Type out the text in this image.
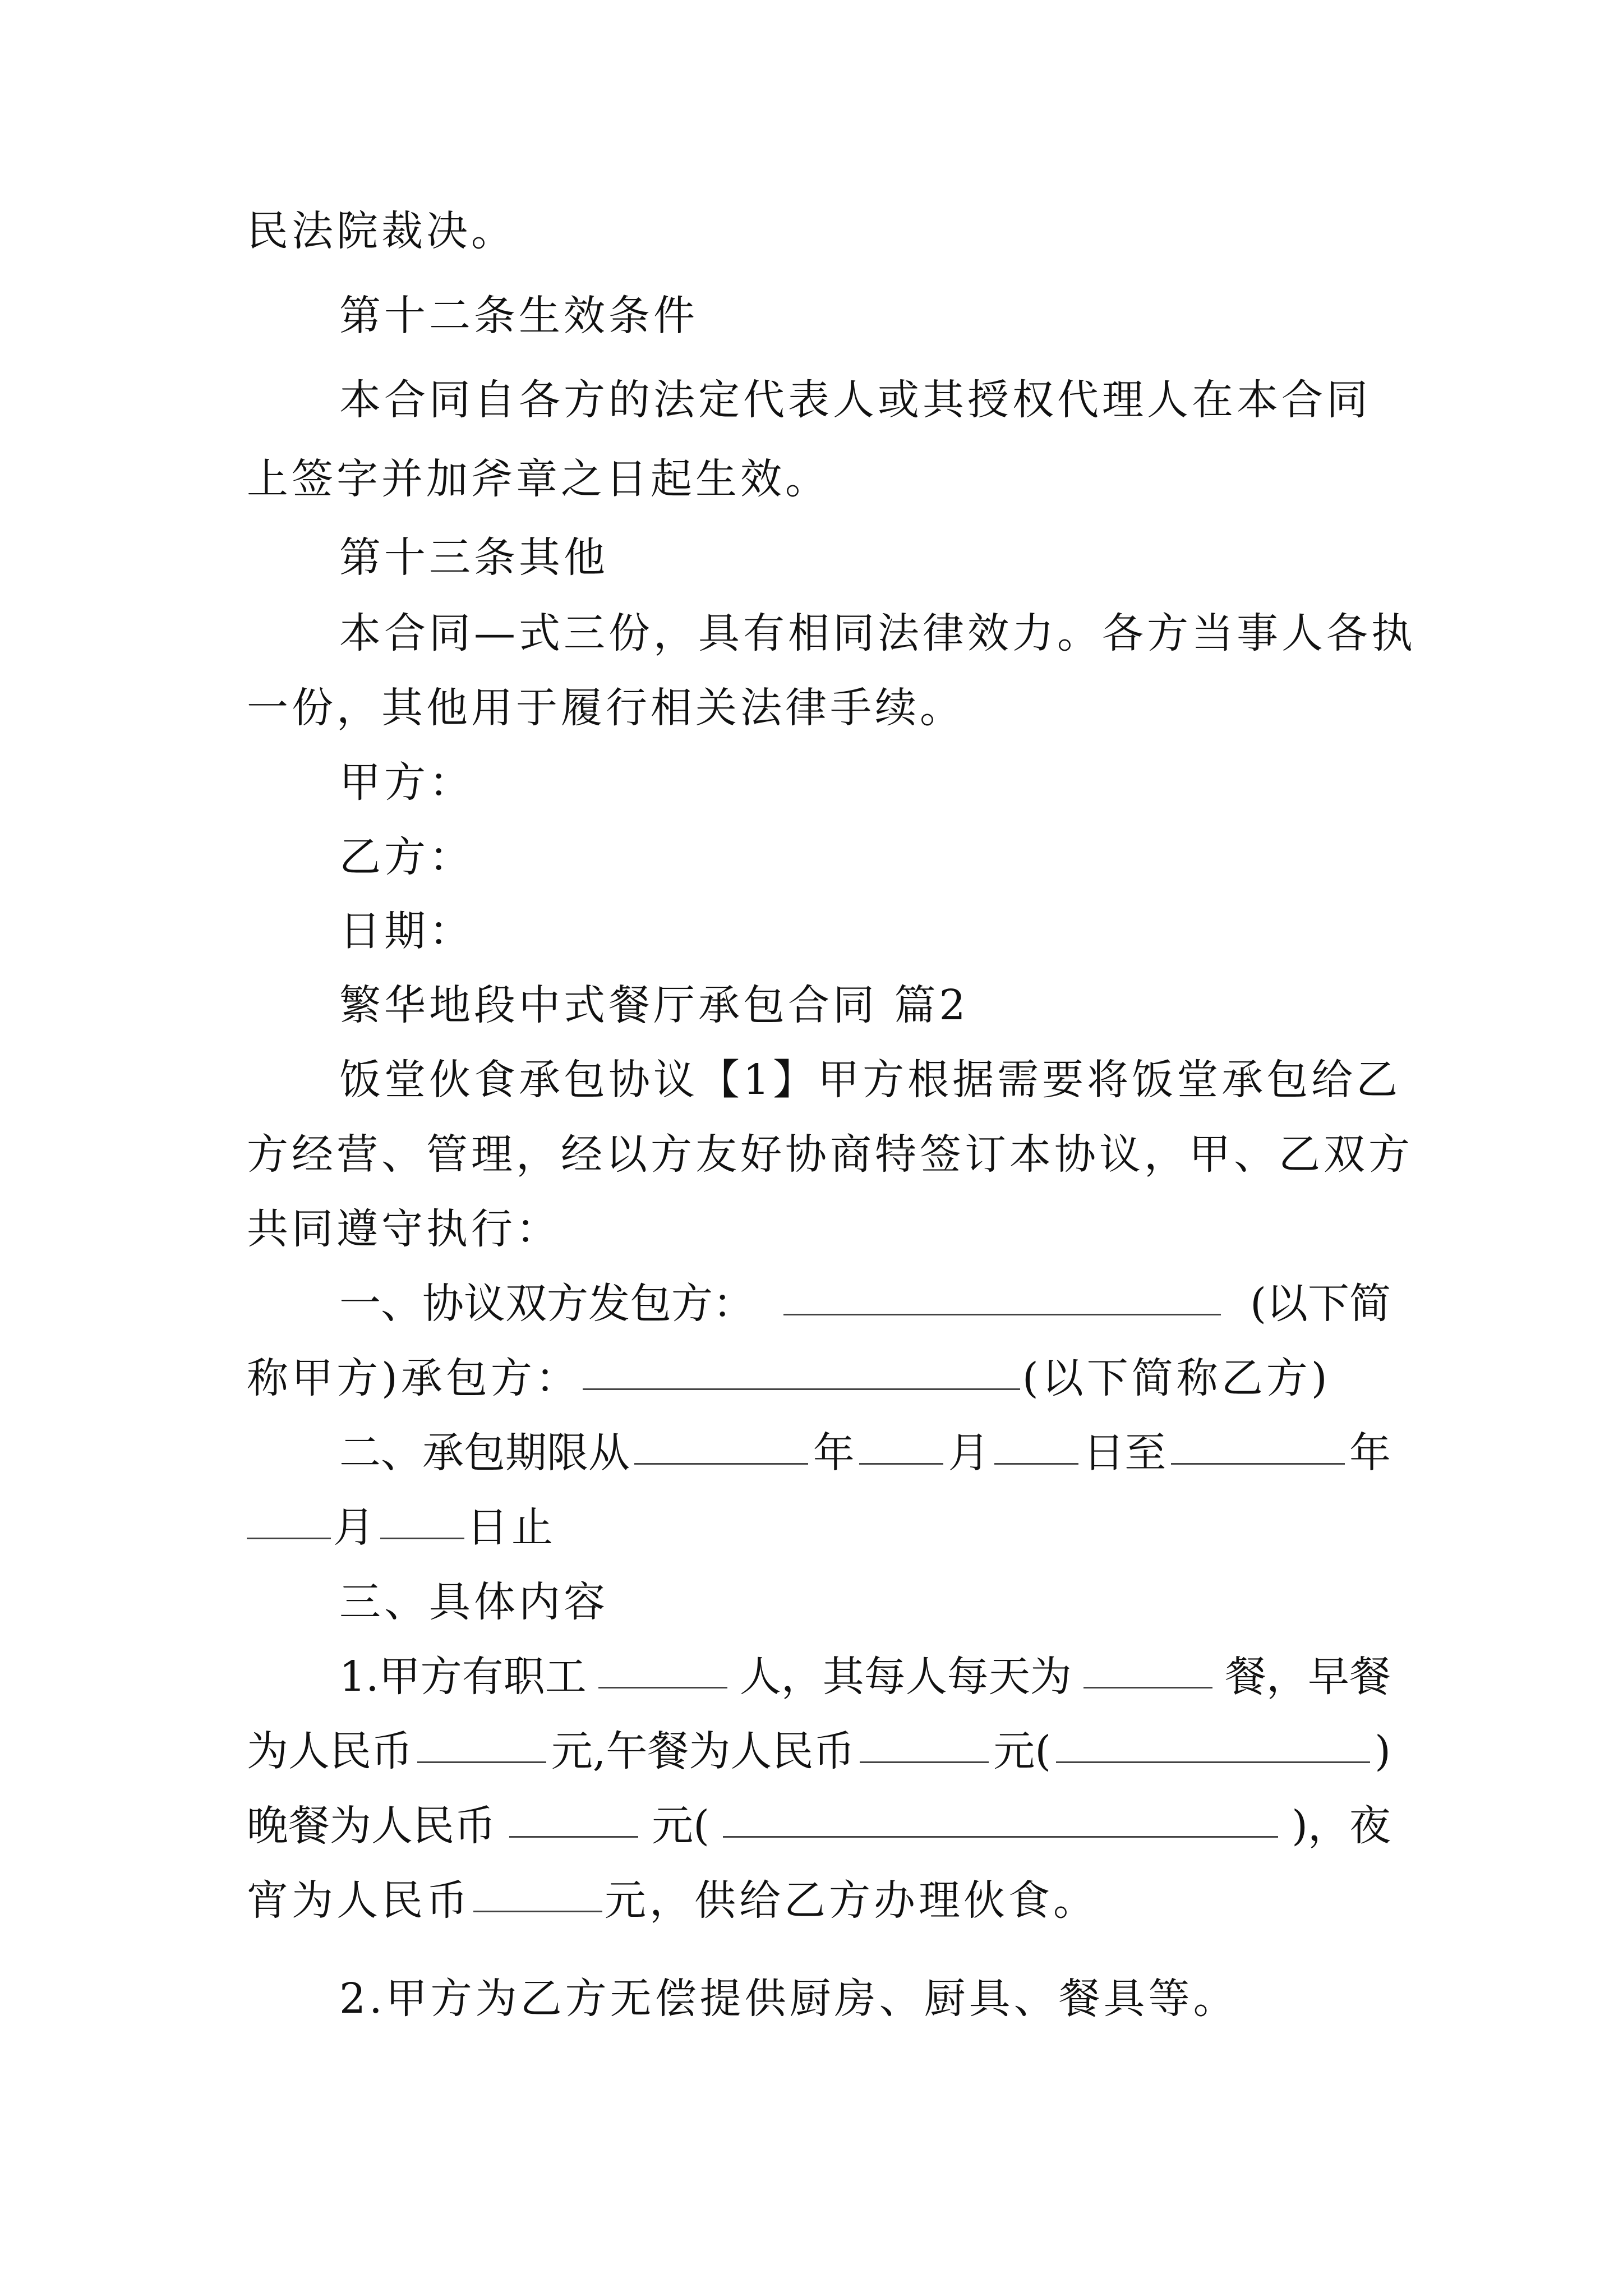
民法院裁决。
第十二条生效条件
本合同自各方的法定代表人或其授权代理人在本合同
上签字并加斧章之日起生效。
第十三条其他
本合同—式三份，具有相同法律效力。各方当事人各执
一份，其他用于履行相关法律手续。
甲方：
乙方：
日期：
繁华地段中式餐厅承包合同 篇2
饭堂伙食承包协议【1】甲方根据需要将饭堂承包给乙
方经营、管理，经以方友好协商特签订本协议，甲、乙双方
共同遵守执行：
一、协议双方发包方：	(以下简
称甲方)承包方：	(以下简称乙方)
二、承包期限从	年 月 日至	年
月 日止
三、具体内容
1.甲方有职工	人，其每人每天为	餐，早餐
为人民币	元,午餐为人民币	元(	)
晚餐为人民币	元(	)，夜
宵为人民币	元，供给乙方办理伙食。
2.甲方为乙方无偿提供厨房、厨具、餐具等。
